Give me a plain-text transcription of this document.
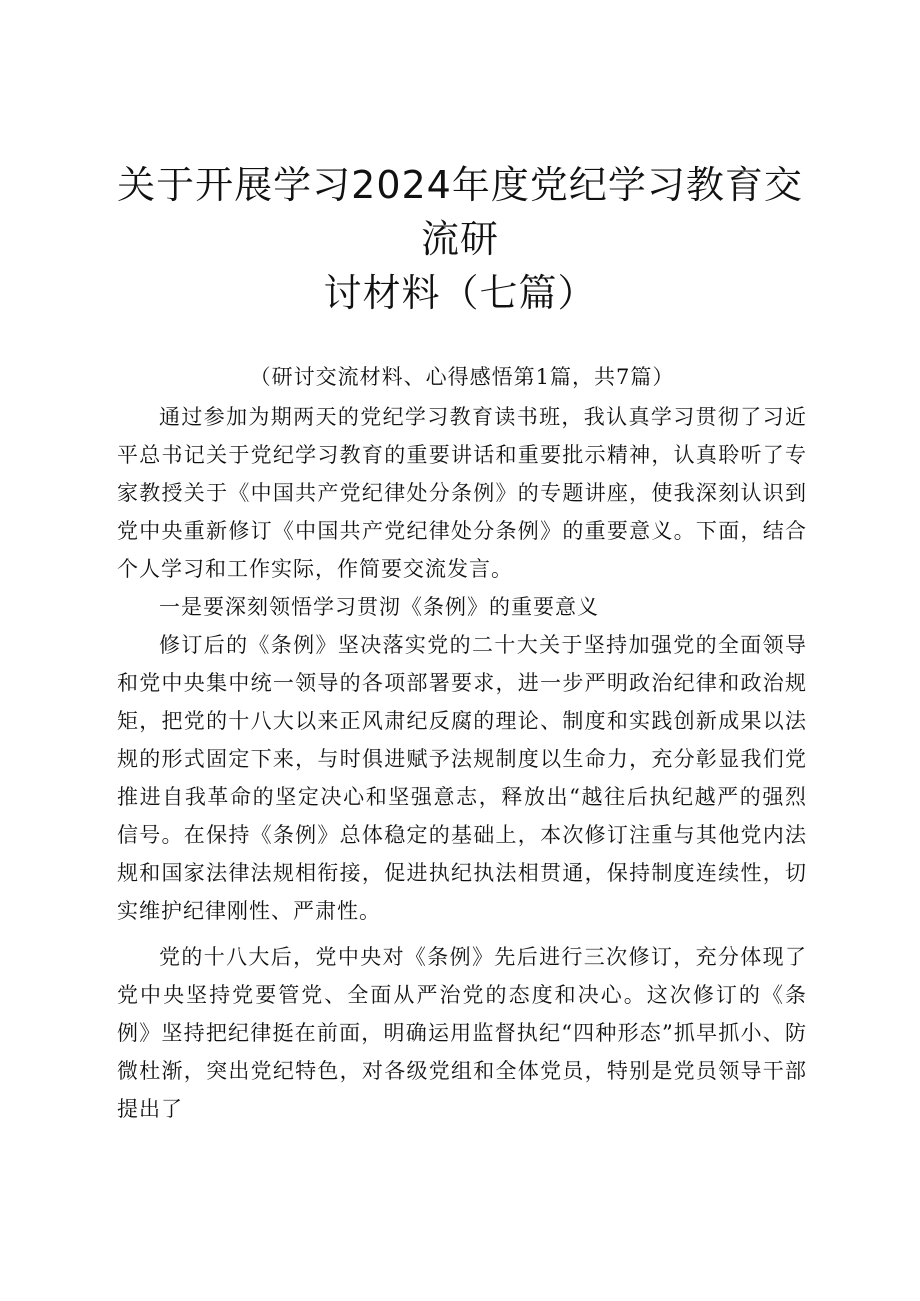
关于开展学习2024年度党纪学习教育交流研
讨材料（七篇）

（研讨交流材料、心得感悟第1篇，共7篇）

通过参加为期两天的党纪学习教育读书班，我认真学习贯彻了习近平总书记关于党纪学习教育的重要讲话和重要批示精神，认真聆听了专家教授关于《中国共产党纪律处分条例》的专题讲座，使我深刻认识到党中央重新修订《中国共产党纪律处分条例》的重要意义。下面，结合个人学习和工作实际，作简要交流发言。

一是要深刻领悟学习贯沏《条例》的重要意义

修订后的《条例》坚决落实党的二十大关于坚持加强党的全面领导和党中央集中统一领导的各项部署要求，进一步严明政治纪律和政治规矩，把党的十八大以来正风肃纪反腐的理论、制度和实践创新成果以法规的形式固定下来，与时俱进赋予法规制度以生命力，充分彰显我们党推进自我革命的坚定决心和坚强意志，释放出“越往后执纪越严的强烈信号。在保持《条例》总体稳定的基础上，本次修订注重与其他党内法规和国家法律法规相衔接，促进执纪执法相贯通，保持制度连续性，切实维护纪律刚性、严肃性。

党的十八大后，党中央对《条例》先后进行三次修订，充分体现了党中央坚持党要管党、全面从严治党的态度和决心。这次修订的《条例》坚持把纪律挺在前面，明确运用监督执纪“四种形态”抓早抓小、防微杜渐，突出党纪特色，对各级党组和全体党员，特别是党员领导干部提出了
